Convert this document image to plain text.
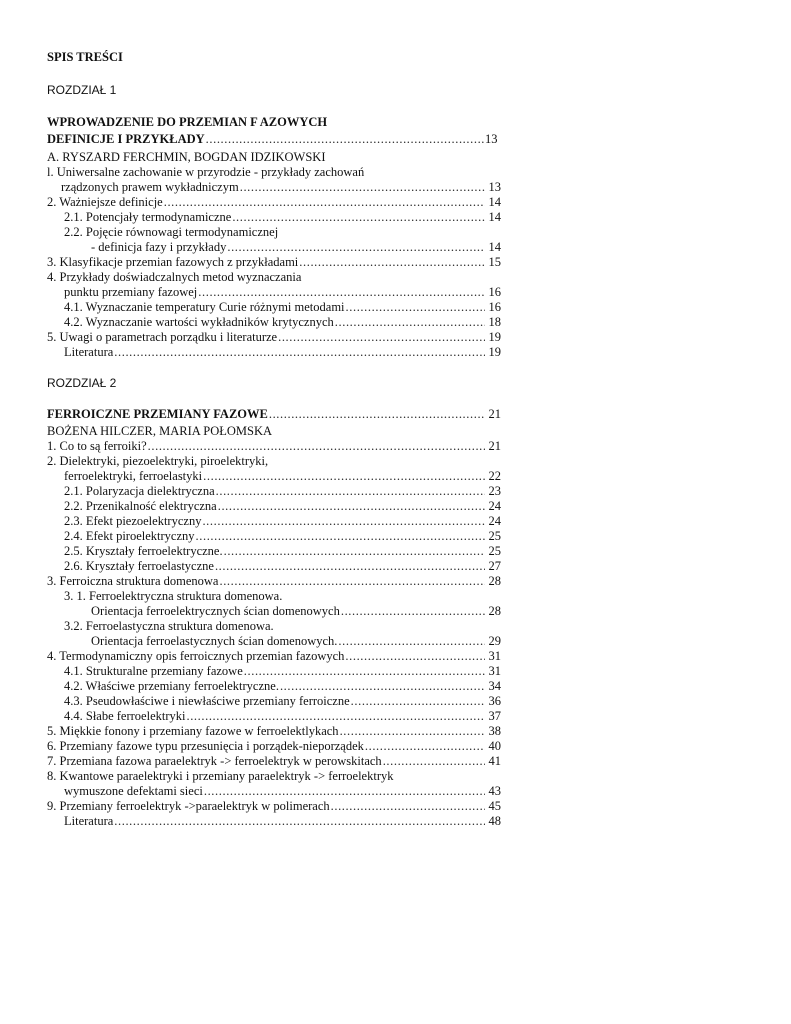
SPIS TREŚCI
ROZDZIAŁ 1
WPROWADZENIE DO PRZEMIAN F AZOWYCH
DEFINICJE I PRZYKŁADY .....	13
A. RYSZARD FERCHMIN, BOGDAN IDZIKOWSKI
l. Uniwersalne zachowanie w przyrodzie - przykłady zachowań
rządzonych prawem wykładniczym .....	13
2. Ważniejsze definicje .....	14
2.1. Potencjały termodynamiczne .....	14
2.2. Pojęcie równowagi termodynamicznej
- definicja fazy i przykłady .....	14
3. Klasyfikacje przemian fazowych z przykładami .....	15
4. Przykłady doświadczalnych metod wyznaczania
punktu przemiany fazowej .....	16
4.1. Wyznaczanie temperatury Curie różnymi metodami .....	16
4.2. Wyznaczanie wartości wykładników krytycznych .....	18
5. Uwagi o parametrach porządku i literaturze .....	19
Literatura .....	19
ROZDZIAŁ 2
FERROICZNE PRZEMIANY FAZOWE .....	21
BOŻENA HILCZER, MARIA POŁOMSKA
1. Co to są ferroiki? .....	21
2. Dielektryki, piezoelektryki, piroelektryki,
ferroelektryki, ferroelastyki .....	22
2.1. Polaryzacja dielektryczna .....	23
2.2. Przenikalność elektryczna .....	24
2.3. Efekt piezoelektryczny .....	24
2.4. Efekt piroelektryczny .....	25
2.5. Kryształy ferroelektryczne. .....	25
2.6. Kryształy ferroelastyczne .....	27
3. Ferroiczna struktura domenowa .....	28
3. 1. Ferroelektryczna struktura domenowa.
Orientacja ferroelektrycznych ścian domenowych .....	28
3.2. Ferroelastyczna struktura domenowa.
Orientacja ferroelastycznych ścian domenowych. .....	29
4. Termodynamiczny opis ferroicznych przemian fazowych .....	31
4.1. Strukturalne przemiany fazowe .....	31
4.2. Właściwe przemiany ferroelektryczne. .....	34
4.3. Pseudowłaściwe i niewłaściwe przemiany ferroiczne .....	36
4.4. Słabe ferroelektryki .....	37
5. Miękkie fonony i przemiany fazowe w ferroelektlykach .....	38
6. Przemiany fazowe typu przesunięcia i porządek-nieporządek .....	40
7. Przemiana fazowa paraelektryk -> ferroelektryk w perowskitach .....	41
8. Kwantowe paraelektryki i przemiany paraelektryk -> ferroelektryk
wymuszone defektami sieci .....	43
9. Przemiany ferroelektryk ->paraelektryk w polimerach .....	45
Literatura .....	48
